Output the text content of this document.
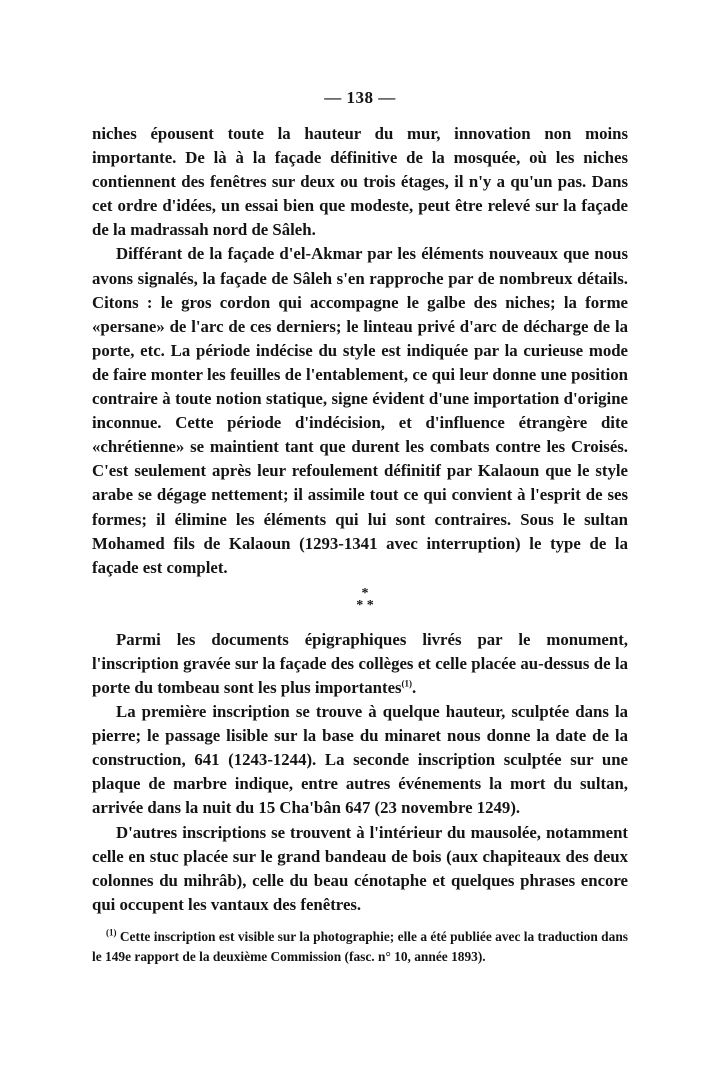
— 138 —

niches épousent toute la hauteur du mur, innovation non moins importante. De là à la façade définitive de la mosquée, où les niches contiennent des fenêtres sur deux ou trois étages, il n'y a qu'un pas. Dans cet ordre d'idées, un essai bien que modeste, peut être relevé sur la façade de la madrassah nord de Sâleh.

Différant de la façade d'el-Akmar par les éléments nouveaux que nous avons signalés, la façade de Sâleh s'en rapproche par de nombreux détails. Citons : le gros cordon qui accompagne le galbe des niches; la forme «persane» de l'arc de ces derniers; le linteau privé d'arc de décharge de la porte, etc. La période indécise du style est indiquée par la curieuse mode de faire monter les feuilles de l'entablement, ce qui leur donne une position contraire à toute notion statique, signe évident d'une importation d'origine inconnue. Cette période d'indécision, et d'influence étrangère dite «chrétienne» se maintient tant que durent les combats contre les Croisés. C'est seulement après leur refoulement définitif par Kalaoun que le style arabe se dégage nettement; il assimile tout ce qui convient à l'esprit de ses formes; il élimine les éléments qui lui sont contraires. Sous le sultan Mohamed fils de Kalaoun (1293-1341 avec interruption) le type de la façade est complet.

*
* *

Parmi les documents épigraphiques livrés par le monument, l'inscription gravée sur la façade des collèges et celle placée au-dessus de la porte du tombeau sont les plus importantes$^{(1)}$.

La première inscription se trouve à quelque hauteur, sculptée dans la pierre; le passage lisible sur la base du minaret nous donne la date de la construction, 641 (1243-1244). La seconde inscription sculptée sur une plaque de marbre indique, entre autres événements la mort du sultan, arrivée dans la nuit du 15 Cha'bân 647 (23 novembre 1249).

D'autres inscriptions se trouvent à l'intérieur du mausolée, notamment celle en stuc placée sur le grand bandeau de bois (aux chapiteaux des deux colonnes du mihrâb), celle du beau cénotaphe et quelques phrases encore qui occupent les vantaux des fenêtres.

$^{(1)}$ Cette inscription est visible sur la photographie; elle a été publiée avec la traduction dans le 149e rapport de la deuxième Commission (fasc. n° 10, année 1893).
